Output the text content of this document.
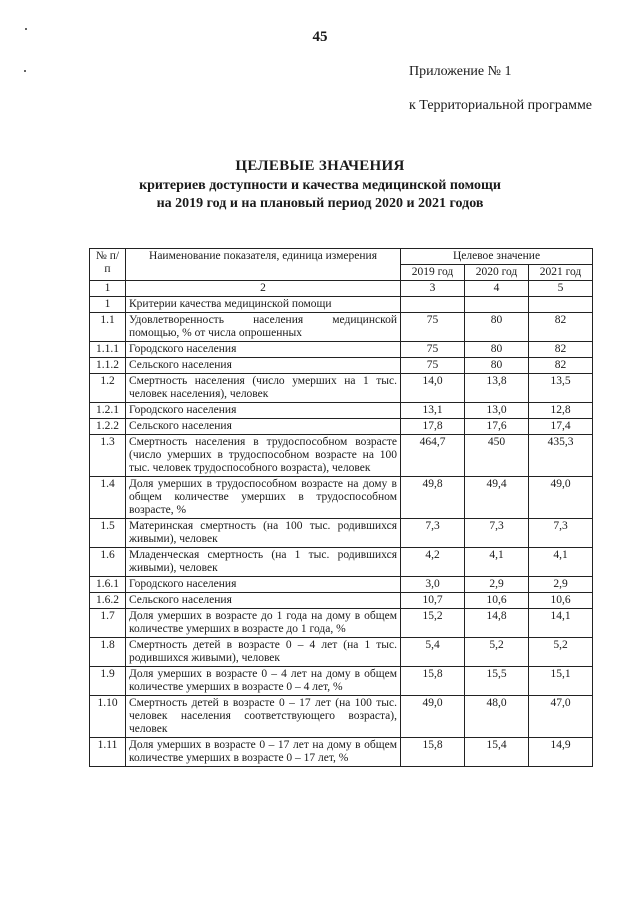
45
Приложение № 1
к Территориальной программе
ЦЕЛЕВЫЕ ЗНАЧЕНИЯ
критериев доступности и качества медицинской помощи
на 2019 год и на плановый период 2020 и 2021 годов
№ п/п	Наименование показателя, единица измерения	Целевое значение		
		2019 год	2020 год	2021 год
1	2	3	4	5
1	Критерии качества медицинской помощи			
1.1	Удовлетворенность населения медицинской помощью, % от числа опрошенных	75	80	82
1.1.1	Городского населения	75	80	82
1.1.2	Сельского населения	75	80	82
1.2	Смертность населения (число умерших на 1 тыс. человек населения), человек	14,0	13,8	13,5
1.2.1	Городского населения	13,1	13,0	12,8
1.2.2	Сельского населения	17,8	17,6	17,4
1.3	Смертность населения в трудоспособном возрасте (число умерших в трудоспособном возрасте на 100 тыс. человек трудоспособного возраста), человек	464,7	450	435,3
1.4	Доля умерших в трудоспособном возрасте на дому в общем количестве умерших в трудоспособном возрасте, %	49,8	49,4	49,0
1.5	Материнская смертность (на 100 тыс. родившихся живыми), человек	7,3	7,3	7,3
1.6	Младенческая смертность (на 1 тыс. родившихся живыми), человек	4,2	4,1	4,1
1.6.1	Городского населения	3,0	2,9	2,9
1.6.2	Сельского населения	10,7	10,6	10,6
1.7	Доля умерших в возрасте до 1 года на дому в общем количестве умерших в возрасте до 1 года, %	15,2	14,8	14,1
1.8	Смертность детей в возрасте 0 – 4 лет (на 1 тыс. родившихся живыми), человек	5,4	5,2	5,2
1.9	Доля умерших в возрасте 0 – 4 лет на дому в общем количестве умерших в возрасте 0 – 4 лет, %	15,8	15,5	15,1
1.10	Смертность детей в возрасте 0 – 17 лет (на 100 тыс. человек населения соответствующего возраста), человек	49,0	48,0	47,0
1.11	Доля умерших в возрасте 0 – 17 лет на дому в общем количестве умерших в возрасте 0 – 17 лет, %	15,8	15,4	14,9
